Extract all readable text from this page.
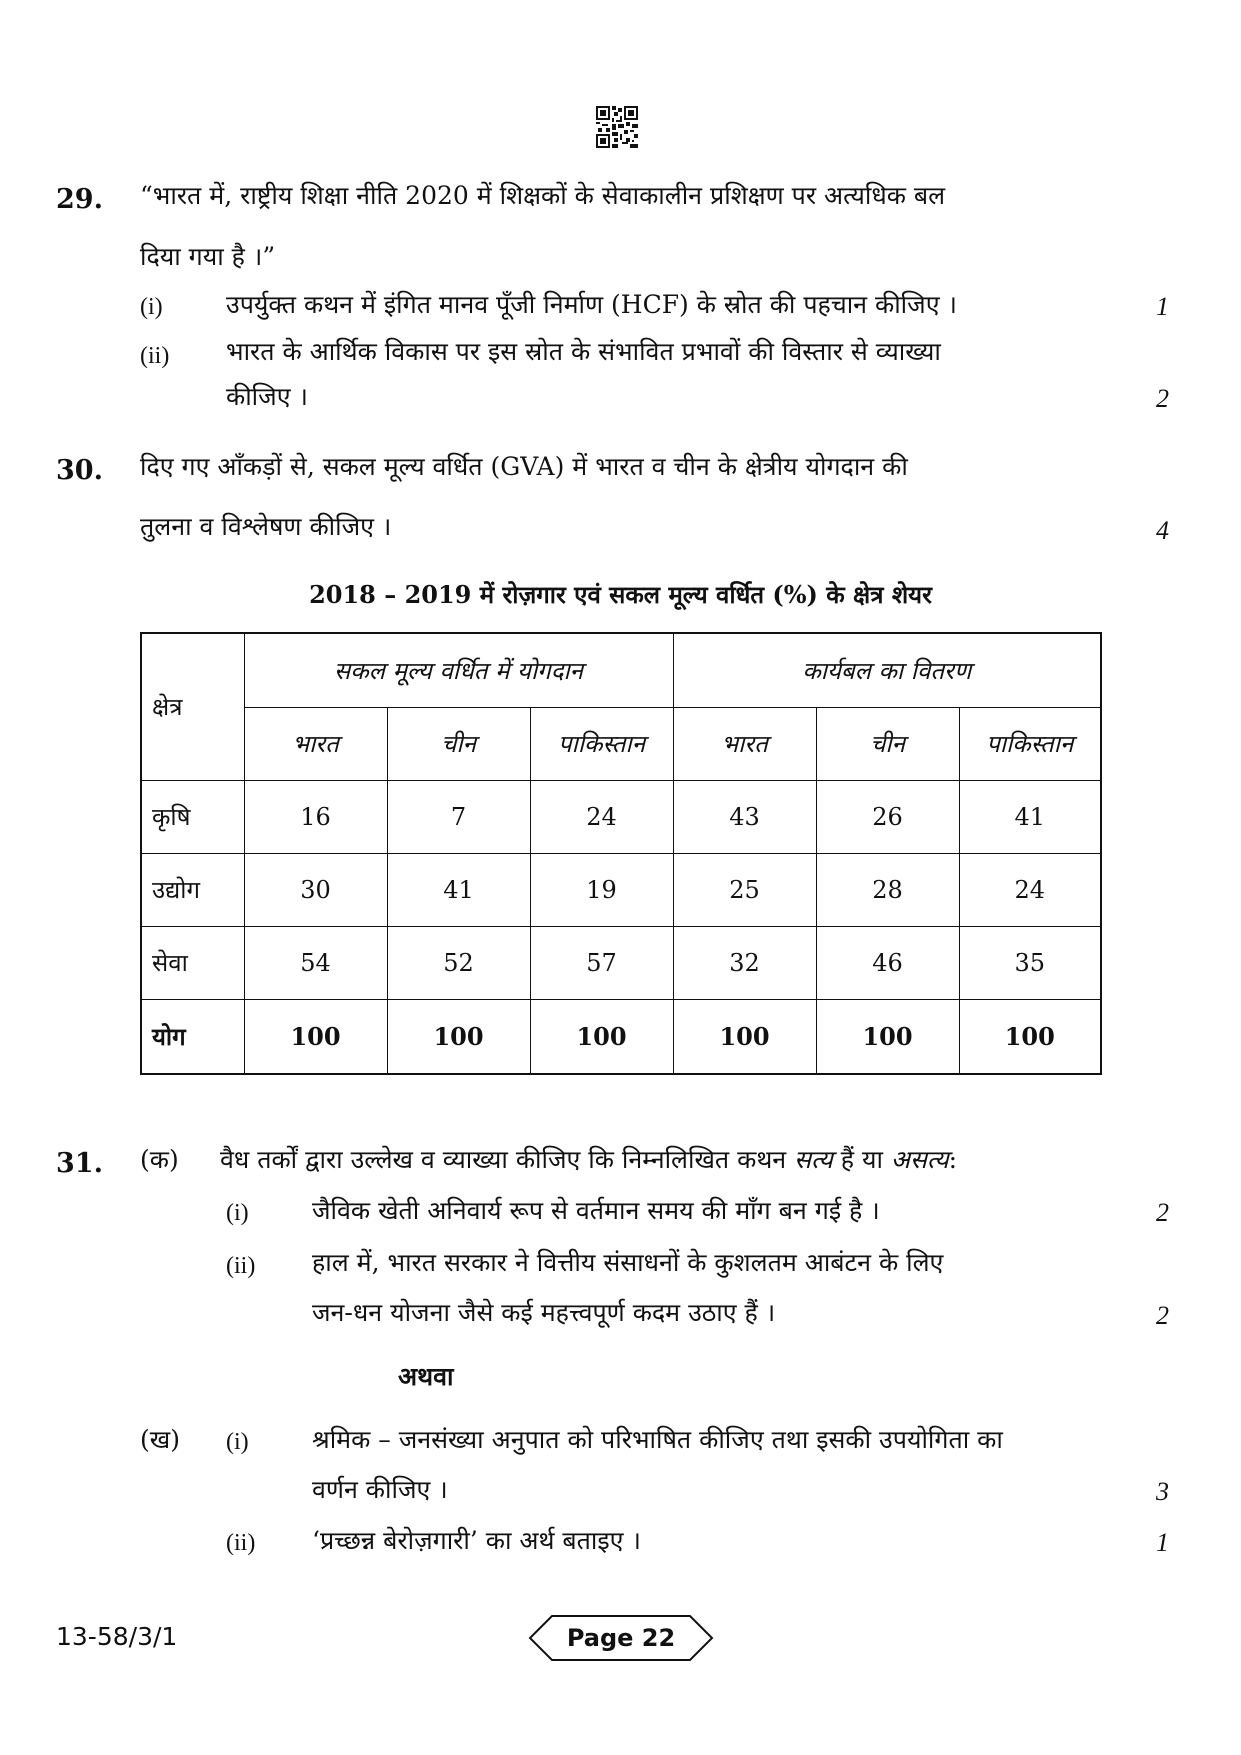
29. “भारत में, राष्ट्रीय शिक्षा नीति 2020 में शिक्षकों के सेवाकालीन प्रशिक्षण पर अत्यधिक बल
दिया गया है ।”
(i)	उपर्युक्त कथन में इंगित मानव पूँजी निर्माण (HCF) के स्रोत की पहचान कीजिए ।	1
(ii) भारत के आर्थिक विकास पर इस स्रोत के संभावित प्रभावों की विस्तार से व्याख्या
कीजिए ।	2
30. दिए गए आँकड़ों से, सकल मूल्य वर्धित (GVA) में भारत व चीन के क्षेत्रीय योगदान की
तुलना व विश्लेषण कीजिए ।	4
2018 – 2019 में रोज़गार एवं सकल मूल्य वर्धित (%) के क्षेत्र शेयर
क्षेत्र	सकल मूल्य वर्धित में योगदान			कार्यबल का वितरण		
	भारत	चीन	पाकिस्तान	भारत	चीन	पाकिस्तान
कृषि	16	7	24	43	26	41
उद्योग	30	41	19	25	28	24
सेवा	54	52	57	32	46	35
योग	100	100	100	100	100	100
31. (क) वैध तर्कों द्वारा उल्लेख व व्याख्या कीजिए कि निम्नलिखित कथन सत्य हैं या असत्य:
(i)	जैविक खेती अनिवार्य रूप से वर्तमान समय की माँग बन गई है ।	2
(ii) हाल में, भारत सरकार ने वित्तीय संसाधनों के कुशलतम आबंटन के लिए
जन-धन योजना जैसे कई महत्त्वपूर्ण कदम उठाए हैं ।	2
अथवा
(ख) (i)	श्रमिक – जनसंख्या अनुपात को परिभाषित कीजिए तथा इसकी उपयोगिता का
वर्णन कीजिए ।	3
(ii) ‘प्रच्छन्न बेरोज़गारी’ का अर्थ बताइए ।	1
13-58/3/1	Page 22
